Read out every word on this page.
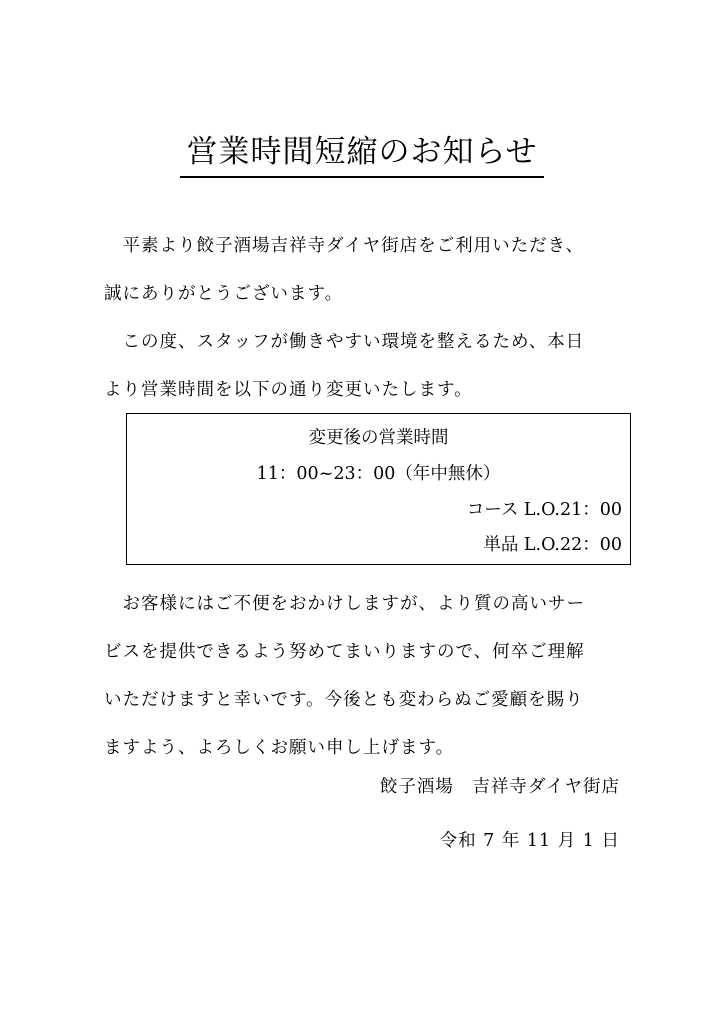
営業時間短縮のお知らせ

　平素より餃子酒場吉祥寺ダイヤ街店をご利用いただき、

誠にありがとうございます。

　この度、スタッフが働きやすい環境を整えるため、本日

より営業時間を以下の通り変更いたします。

変更後の営業時間
11：00~23：00（年中無休）
コース L.O.21：00
単品 L.O.22：00

　お客様にはご不便をおかけしますが、より質の高いサー

ビスを提供できるよう努めてまいりますので、何卒ご理解

いただけますと幸いです。今後とも変わらぬご愛顧を賜り

ますよう、よろしくお願い申し上げます。

餃子酒場　吉祥寺ダイヤ街店
令和 7 年 11 月 1 日
